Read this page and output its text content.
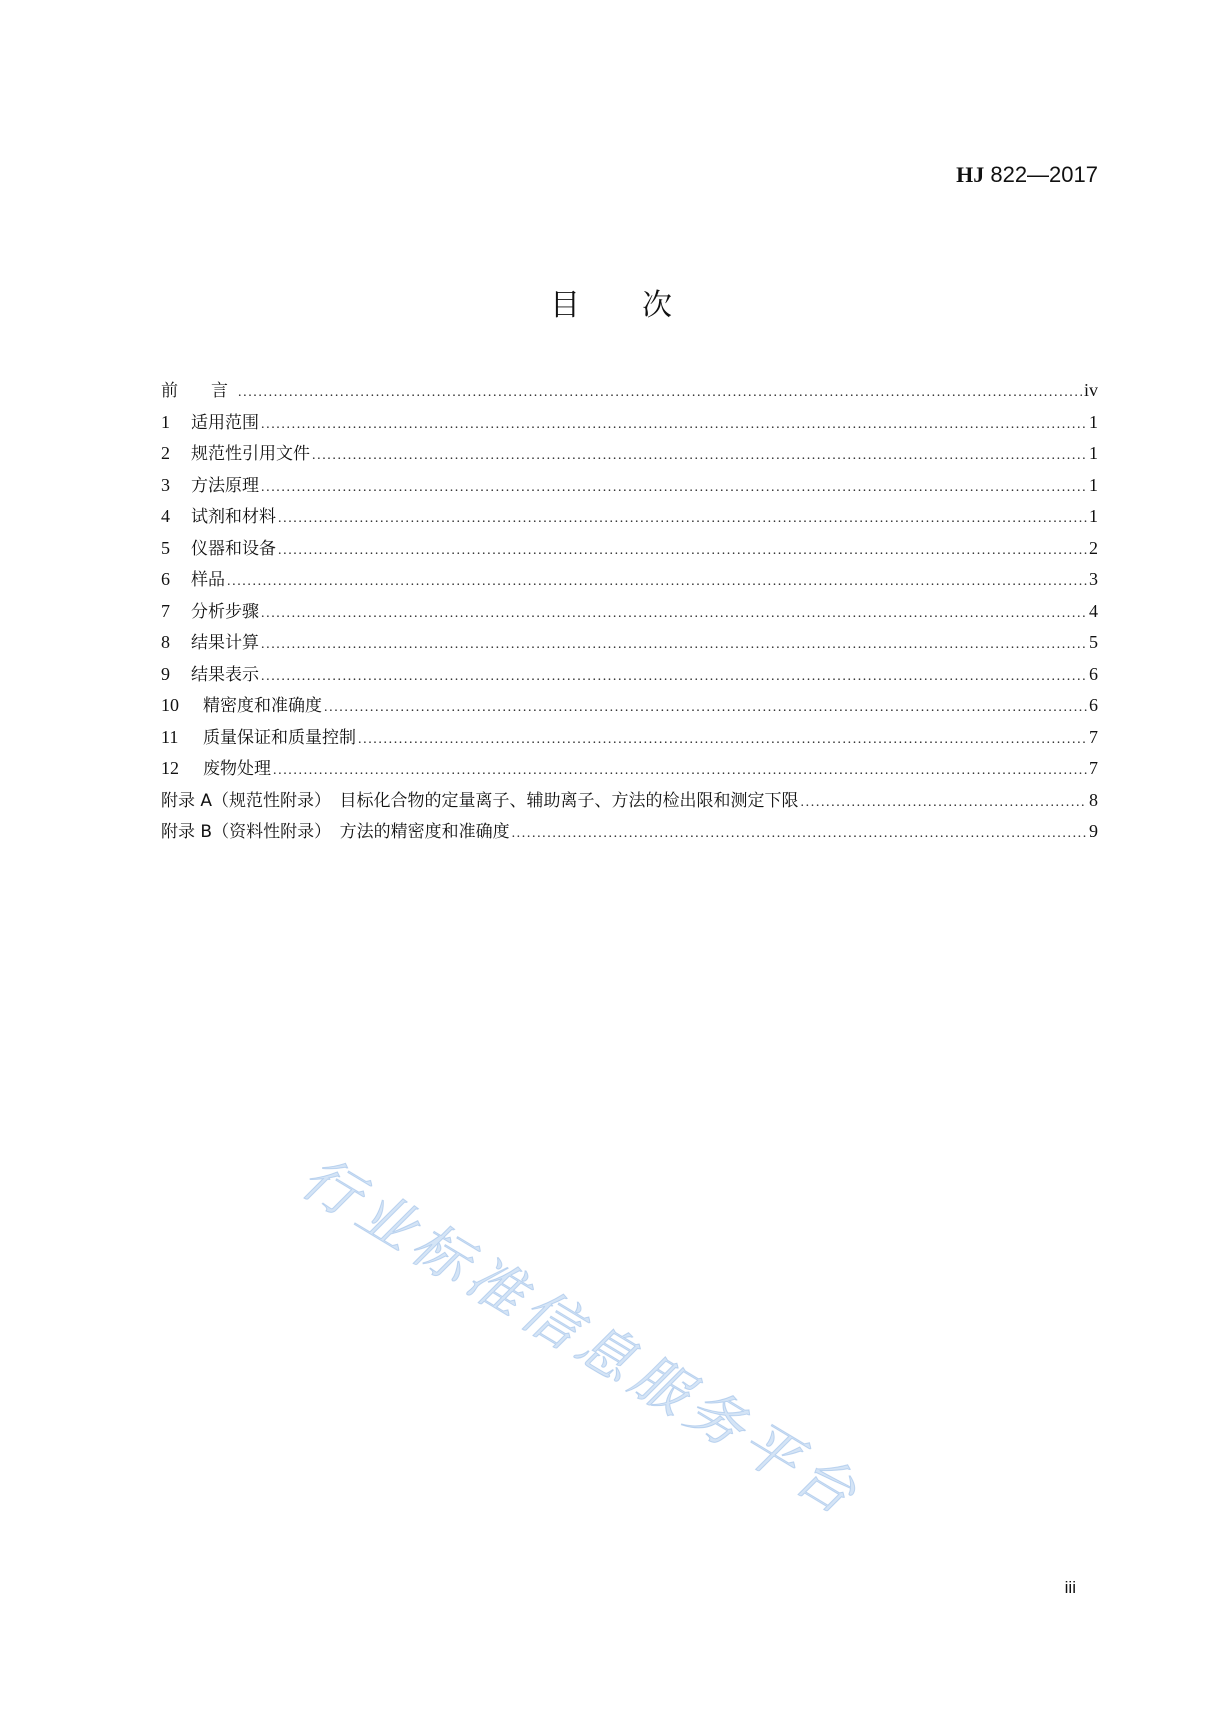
HJ 822—2017
目 次
前　言 .....	iv
1	适用范围 .....	1
2	规范性引用文件 .....	1
3	方法原理 .....	1
4	试剂和材料 .....	1
5	仪器和设备 .....	2
6	样品 .....	3
7	分析步骤 .....	4
8	结果计算 .....	5
9	结果表示 .....	6
10	精密度和准确度 .....	6
11	质量保证和质量控制 .....	7
12	废物处理 .....	7
附录 A（规范性附录）　目标化合物的定量离子、辅助离子、方法的检出限和测定下限 .....	8
附录 B（资料性附录）　方法的精密度和准确度 .....	9
行业标准信息服务平台
iii
